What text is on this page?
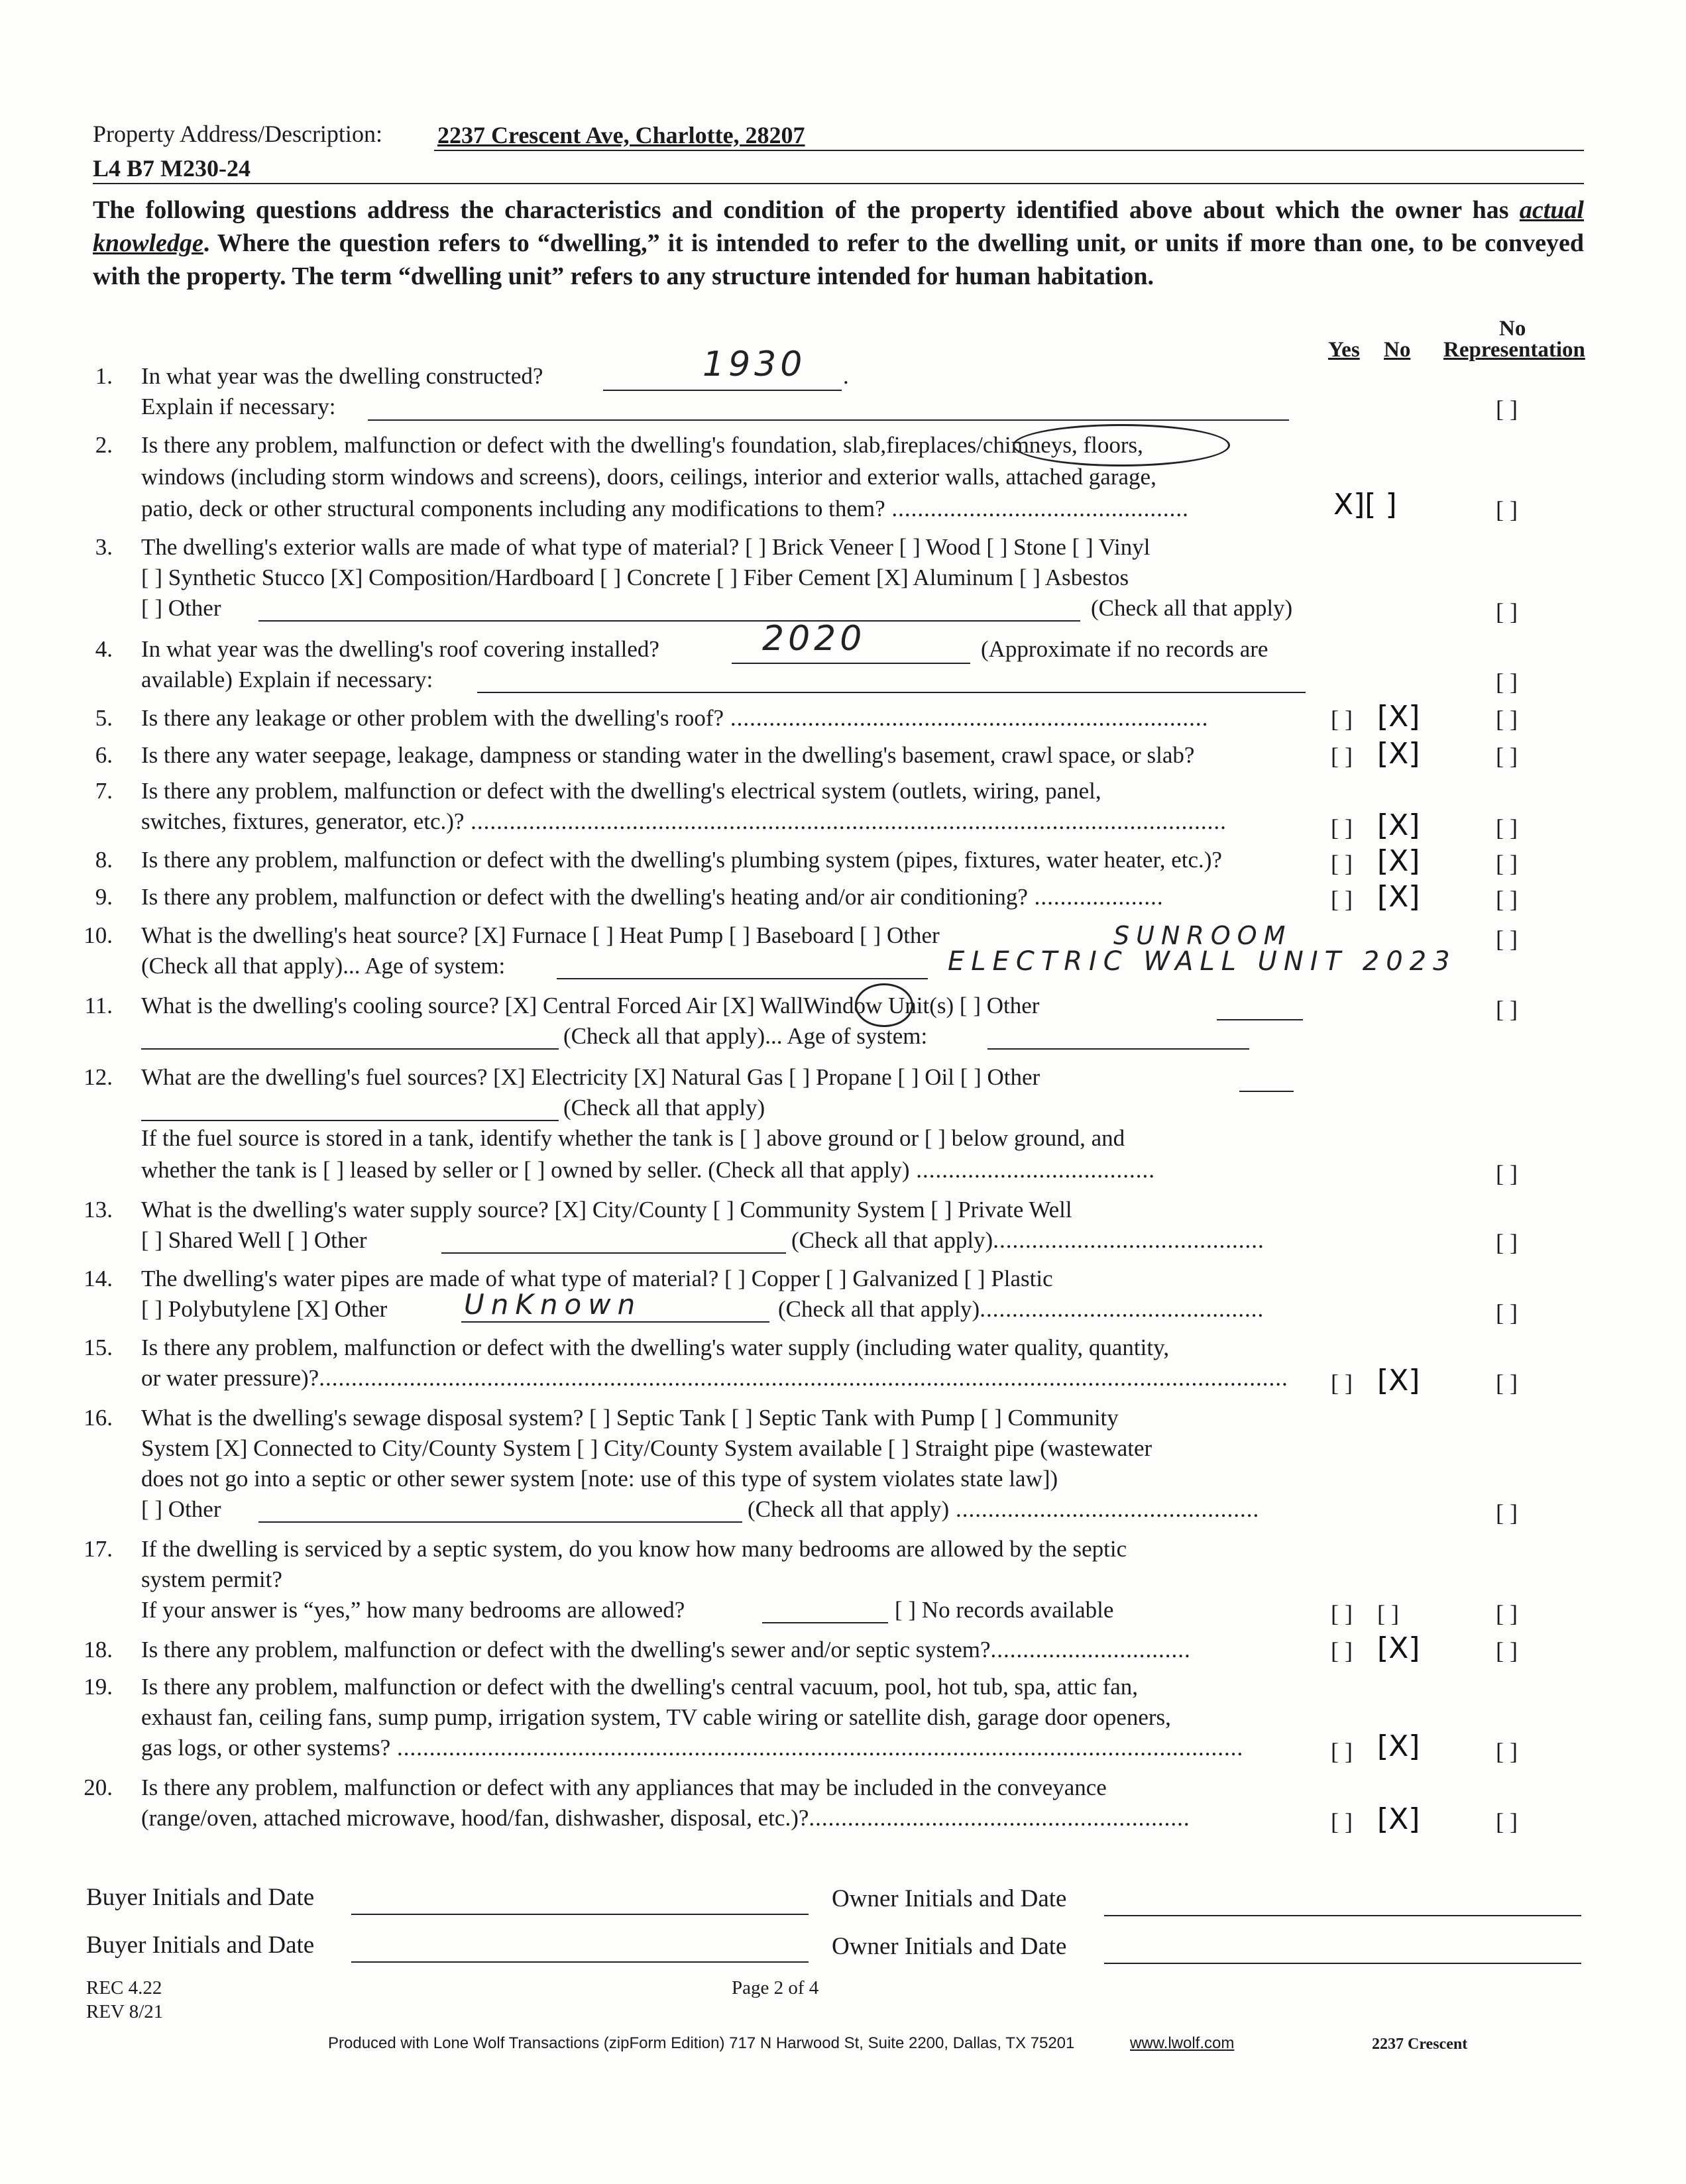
Property Address/Description: 2237 Crescent Ave, Charlotte, 28207
L4 B7 M230-24
The following questions address the characteristics and condition of the property identified above about which the owner has actual knowledge. Where the question refers to “dwelling,” it is intended to refer to the dwelling unit, or units if more than one, to be conveyed with the property. The term “dwelling unit” refers to any structure intended for human habitation.
No
Representation
Yes No
1. In what year was the dwelling constructed?	1930 .
Explain if necessary:	[ ]
2. Is there any problem, malfunction or defect with the dwelling's foundation, slab,fireplaces/chimneys, floors,
windows (including storm windows and screens), doors, ceilings, interior and exterior walls, attached garage,
patio, deck or other structural components including any modifications to them? ..............................................	X][ ]	[ ]
3. The dwelling's exterior walls are made of what type of material? [ ] Brick Veneer [ ] Wood [ ] Stone [ ] Vinyl
[ ] Synthetic Stucco [X] Composition/Hardboard [ ] Concrete [ ] Fiber Cement [X] Aluminum [ ] Asbestos
[ ] Other	(Check all that apply)	[ ]
4. In what year was the dwelling's roof covering installed?	2020	(Approximate if no records are
available) Explain if necessary:	[ ]
5. Is there any leakage or other problem with the dwelling's roof? ..........................................................................	[ ] [X]	[ ]
6. Is there any water seepage, leakage, dampness or standing water in the dwelling's basement, crawl space, or slab?	[ ] [X]	[ ]
7. Is there any problem, malfunction or defect with the dwelling's electrical system (outlets, wiring, panel,
switches, fixtures, generator, etc.)? .....................................................................................................................	[ ] [X]	[ ]
8. Is there any problem, malfunction or defect with the dwelling's plumbing system (pipes, fixtures, water heater, etc.)?	[ ] [X]	[ ]
9. Is there any problem, malfunction or defect with the dwelling's heating and/or air conditioning? ....................	[ ] [X]	[ ]
10. What is the dwelling's heat source? [X] Furnace [ ] Heat Pump [ ] Baseboard [ ] Other	SUNROOM
(Check all that apply)... Age of system:	ELECTRIC WALL UNIT 2023
[ ]
11. What is the dwelling's cooling source? [X] Central Forced Air [X] WallWindow Unit(s) [ ] Other
(Check all that apply)... Age of system:
[ ]
12. What are the dwelling's fuel sources? [X] Electricity [X] Natural Gas [ ] Propane [ ] Oil [ ] Other
(Check all that apply)
If the fuel source is stored in a tank, identify whether the tank is [ ] above ground or [ ] below ground, and
whether the tank is [ ] leased by seller or [ ] owned by seller. (Check all that apply) .....................................	[ ]
13. What is the dwelling's water supply source? [X] City/County [ ] Community System [ ] Private Well
[ ] Shared Well [ ] Other	(Check all that apply)..........................................	[ ]
14. The dwelling's water pipes are made of what type of material? [ ] Copper [ ] Galvanized [ ] Plastic
[ ] Polybutylene [X] Other	UnKnown	(Check all that apply)............................................	[ ]
15. Is there any problem, malfunction or defect with the dwelling's water supply (including water quality, quantity,
or water pressure)?...................................................................................................................................................... [ ] [X]	[ ]
16. What is the dwelling's sewage disposal system? [ ] Septic Tank [ ] Septic Tank with Pump [ ] Community
System [X] Connected to City/County System [ ] City/County System available [ ] Straight pipe (wastewater
does not go into a septic or other sewer system [note: use of this type of system violates state law])
[ ] Other	(Check all that apply) ...............................................	[ ]
17. If the dwelling is serviced by a septic system, do you know how many bedrooms are allowed by the septic
system permit?
If your answer is “yes,” how many bedrooms are allowed?	[ ] No records available	[ ] [ ]	[ ]
18. Is there any problem, malfunction or defect with the dwelling's sewer and/or septic system?...............................	[ ] [X]	[ ]
19. Is there any problem, malfunction or defect with the dwelling's central vacuum, pool, hot tub, spa, attic fan,
exhaust fan, ceiling fans, sump pump, irrigation system, TV cable wiring or satellite dish, garage door openers,
gas logs, or other systems? ...................................................................................................................................	[ ] [X]	[ ]
20. Is there any problem, malfunction or defect with any appliances that may be included in the conveyance
(range/oven, attached microwave, hood/fan, dishwasher, disposal, etc.)?...........................................................	[ ] [X]	[ ]
Buyer Initials and Date	Owner Initials and Date
Buyer Initials and Date	Owner Initials and Date
REC 4.22
REV 8/21
Page 2 of 4
Produced with Lone Wolf Transactions (zipForm Edition) 717 N Harwood St, Suite 2200, Dallas, TX 75201	www.lwolf.com	2237 Crescent
